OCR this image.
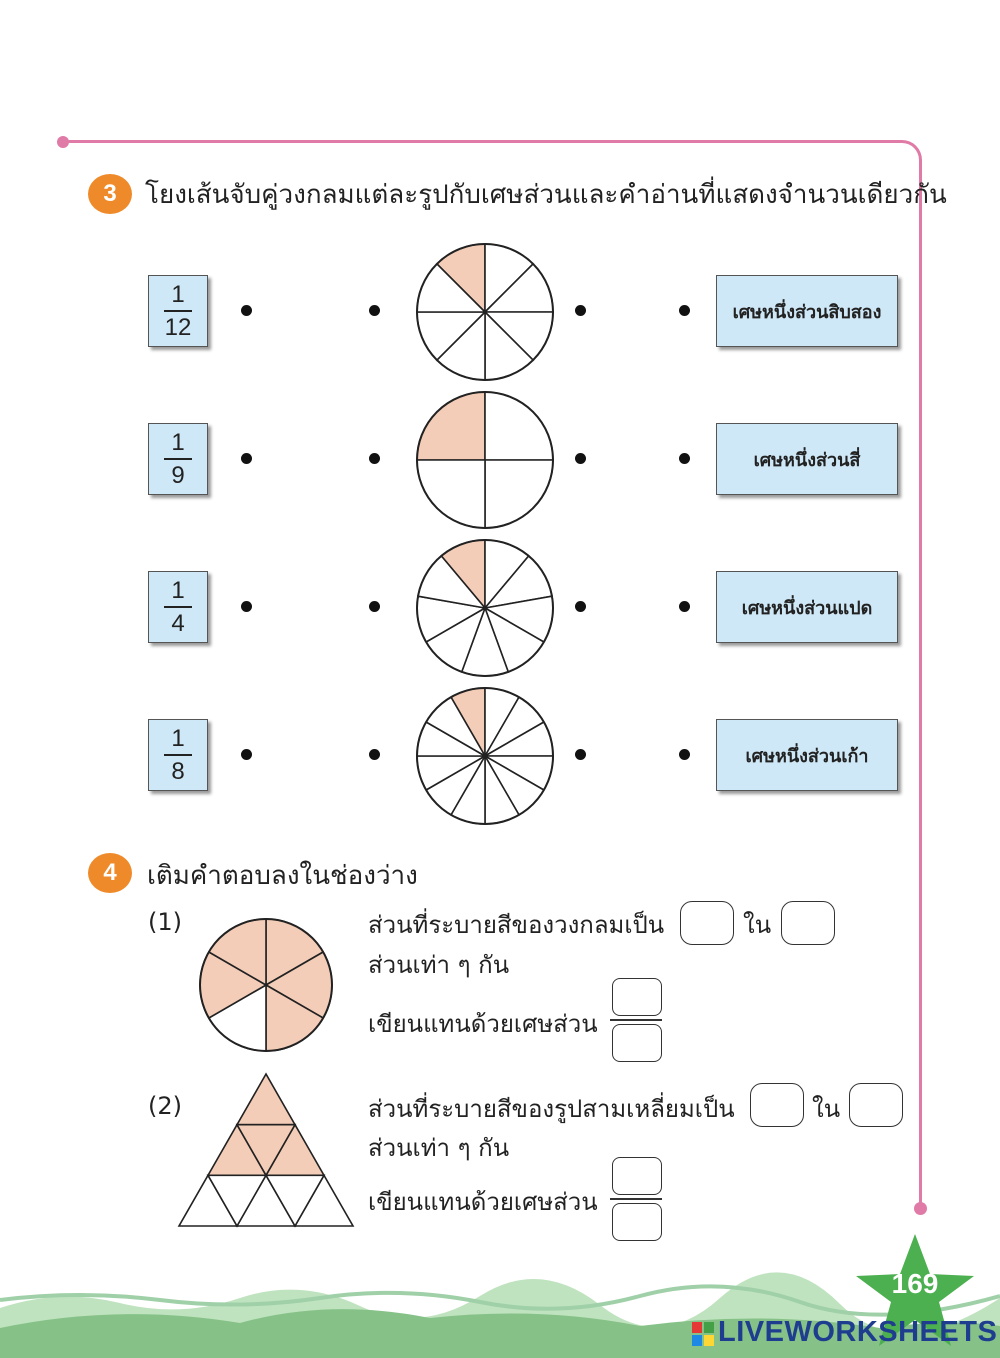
3	โยงเส้นจับคู่วงกลมแต่ละรูปกับเศษส่วนและคำอ่านที่แสดงจำนวนเดียวกัน
1
12
เศษหนึ่งส่วนสิบสอง
1
9
เศษหนึ่งส่วนสี่
1
4
เศษหนึ่งส่วนแปด
1
8
เศษหนึ่งส่วนเก้า
4	เติมคำตอบลงในช่องว่าง
(1)	ส่วนที่ระบายสีของวงกลมเป็น	ใน
ส่วนเท่า ๆ กัน
เขียนแทนด้วยเศษส่วน
(2)	ส่วนที่ระบายสีของรูปสามเหลี่ยมเป็น	ใน
ส่วนเท่า ๆ กัน
เขียนแทนด้วยเศษส่วน
169
LIVEWORKSHEETS
